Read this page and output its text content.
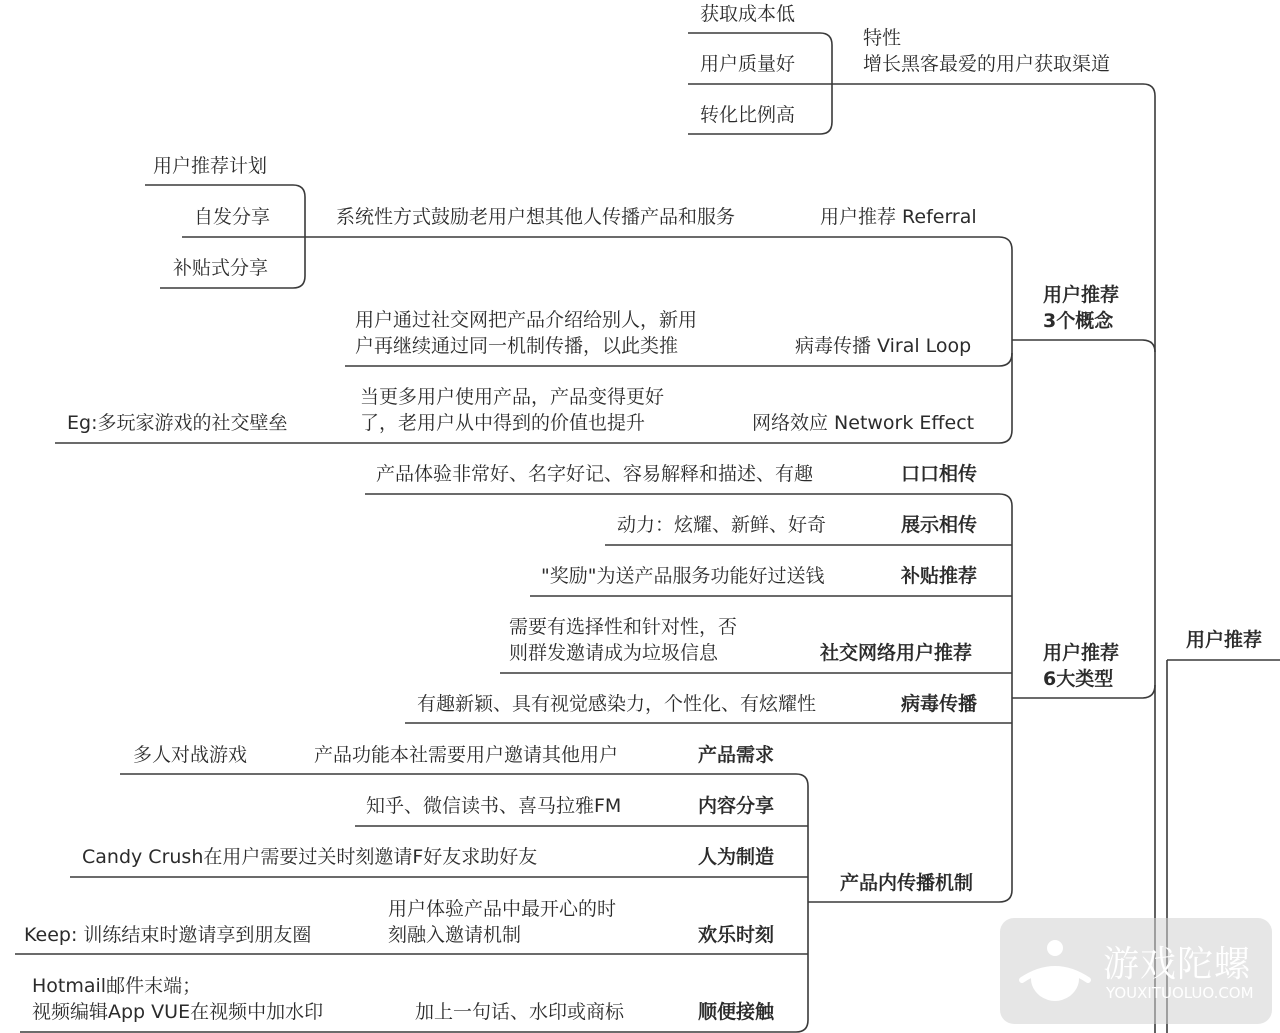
用户推荐
特性
增长黑客最爱的用户获取渠道
获取成本低
用户质量好
转化比例高
用户推荐
3个概念
用户推荐 Referral
系统性方式鼓励老用户想其他人传播产品和服务
用户推荐计划
自发分享
补贴式分享
病毒传播 Viral Loop
用户通过社交网把产品介绍给别人，新用
户再继续通过同一机制传播，以此类推
网络效应 Network Effect
当更多用户使用产品，产品变得更好
了，老用户从中得到的价值也提升
Eg:多玩家游戏的社交壁垒
用户推荐
6大类型
口口相传
产品体验非常好、名字好记、容易解释和描述、有趣
展示相传
动力：炫耀、新鲜、好奇
补贴推荐
"奖励"为送产品服务功能好过送钱
社交网络用户推荐
需要有选择性和针对性，否
则群发邀请成为垃圾信息
病毒传播
有趣新颖、具有视觉感染力，个性化、有炫耀性
产品内传播机制
产品需求
产品功能本社需要用户邀请其他用户
多人对战游戏
内容分享
知乎、微信读书、喜马拉雅FM
人为制造
Candy Crush在用户需要过关时刻邀请F好友求助好友
欢乐时刻
用户体验产品中最开心的时
刻融入邀请机制
Keep: 训练结束时邀请享到朋友圈
顺便接触
加上一句话、水印或商标
Hotmail邮件末端；
视频编辑App VUE在视频中加水印
游戏陀螺
YOUXITUOLUO.COM
